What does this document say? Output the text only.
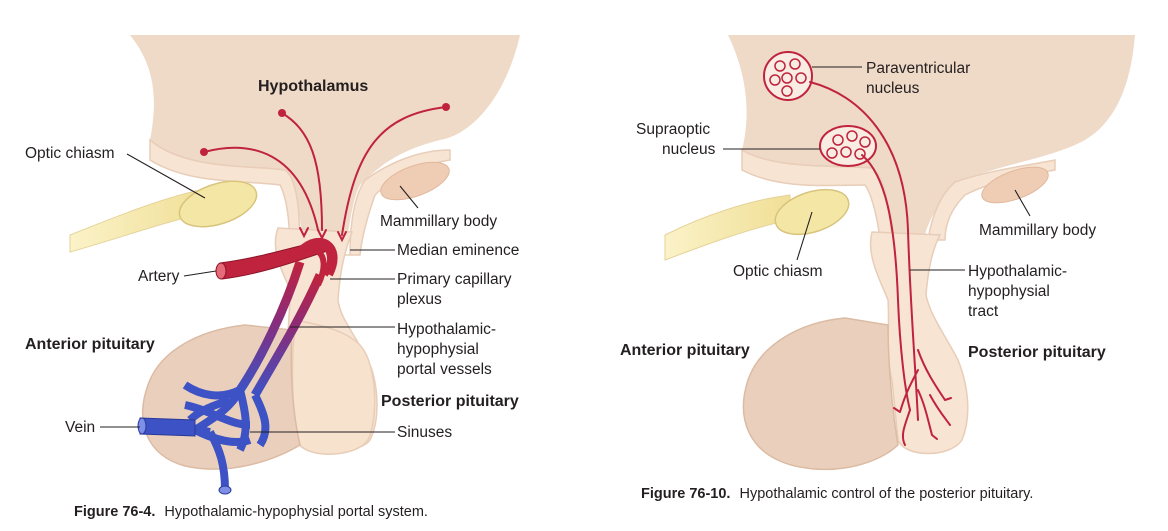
Hypothalamus
Optic chiasm
Mammillary body
Median eminence
Artery	Primary capillary
plexus
Hypothalamic-
hypophysial
portal vessels
Anterior pituitary
Posterior pituitary
Vein	Sinuses
Figure 76-4. Hypothalamic-hypophysial portal system.
Paraventricular
nucleus
Supraoptic
nucleus
Mammillary body
Optic chiasm	Hypothalamic-
hypophysial
tract
Anterior pituitary	Posterior pituitary
Figure 76-10. Hypothalamic control of the posterior pituitary.
